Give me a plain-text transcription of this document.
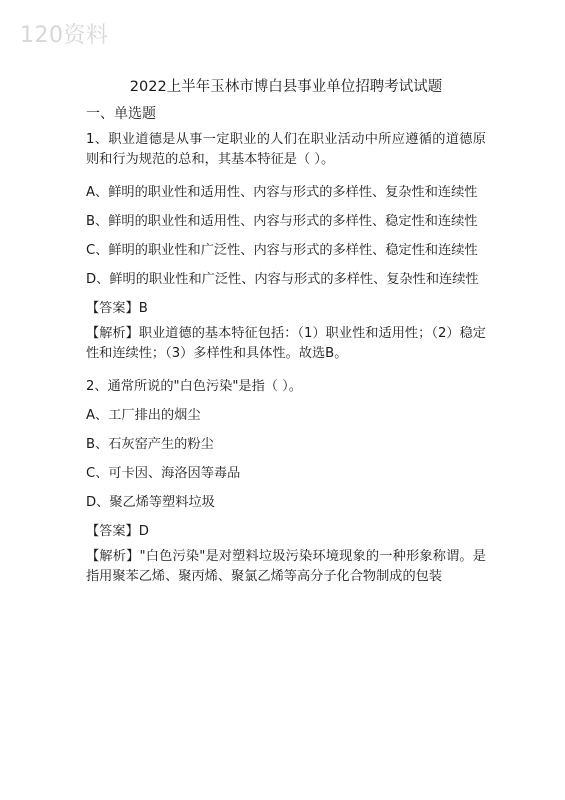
120资料
2022上半年玉林市博白县事业单位招聘考试试题
一、单选题
1、职业道德是从事一定职业的人们在职业活动中所应遵循的道德原则和行为规范的总和，其基本特征是（ ）。
A、鲜明的职业性和适用性、内容与形式的多样性、复杂性和连续性
B、鲜明的职业性和适用性、内容与形式的多样性、稳定性和连续性
C、鲜明的职业性和广泛性、内容与形式的多样性、稳定性和连续性
D、鲜明的职业性和广泛性、内容与形式的多样性、复杂性和连续性
【答案】B
【解析】职业道德的基本特征包括：（1）职业性和适用性；（2）稳定性和连续性；（3）多样性和具体性。故选B。
2、通常所说的"白色污染"是指（ ）。
A、工厂排出的烟尘
B、石灰窑产生的粉尘
C、可卡因、海洛因等毒品
D、聚乙烯等塑料垃圾
【答案】D
【解析】"白色污染"是对塑料垃圾污染环境现象的一种形象称谓。是指用聚苯乙烯、聚丙烯、聚氯乙烯等高分子化合物制成的包装
